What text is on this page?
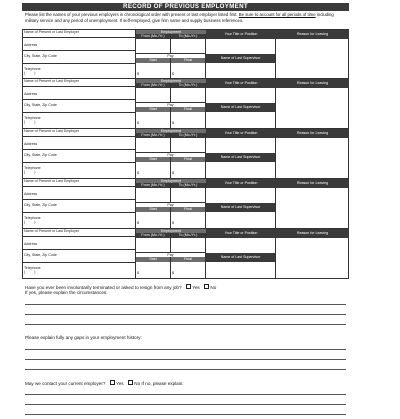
RECORD OF PREVIOUS EMPLOYMENT
Please list the names of your previous employers in chronological order with present or last employer listed first. Be sure to account for all periods of time including military service and any period of unemployment. If self-employed, give firm name and supply business references.
Name of Present or Last Employer
Address
City, State, Zip Code
Telephone
(	)
Employment
From (Mo./Yr.)	To (Mo./Yr.)	Your Title or Position	Reason for Leaving
Pay
Start	Final	Name of Last Supervisor
$	$
Name of Present or Last Employer
Address
City, State, Zip Code
Telephone
(	)
Employment
From (Mo./Yr.)	To (Mo./Yr.)	Your Title or Position	Reason for Leaving
Pay
Start	Final	Name of Last Supervisor
$	$
Name of Present or Last Employer
Address
City, State, Zip Code
Telephone
(	)
Employment
From (Mo./Yr.)	To (Mo./Yr.)	Your Title or Position	Reason for Leaving
Pay
Start	Final	Name of Last Supervisor
$	$
Name of Present or Last Employer
Address
City, State, Zip Code
Telephone
(	)
Employment
From (Mo./Yr.)	To (Mo./Yr.)	Your Title or Position	Reason for Leaving
Pay
Start	Final	Name of Last Supervisor
$	$
Name of Present or Last Employer
Address
City, State, Zip Code
Telephone
(	)
Employment
From (Mo./Yr.)	To (Mo./Yr.)	Your Title or Position	Reason for Leaving
Pay
Start	Final	Name of Last Supervisor
$	$
Have you ever been involuntarily terminated or asked to resign from any job? Yes No
If yes, please explain the circumstances:
Please explain fully any gaps in your employment history:
May we contact your current employer? Yes No If no, please explain:
